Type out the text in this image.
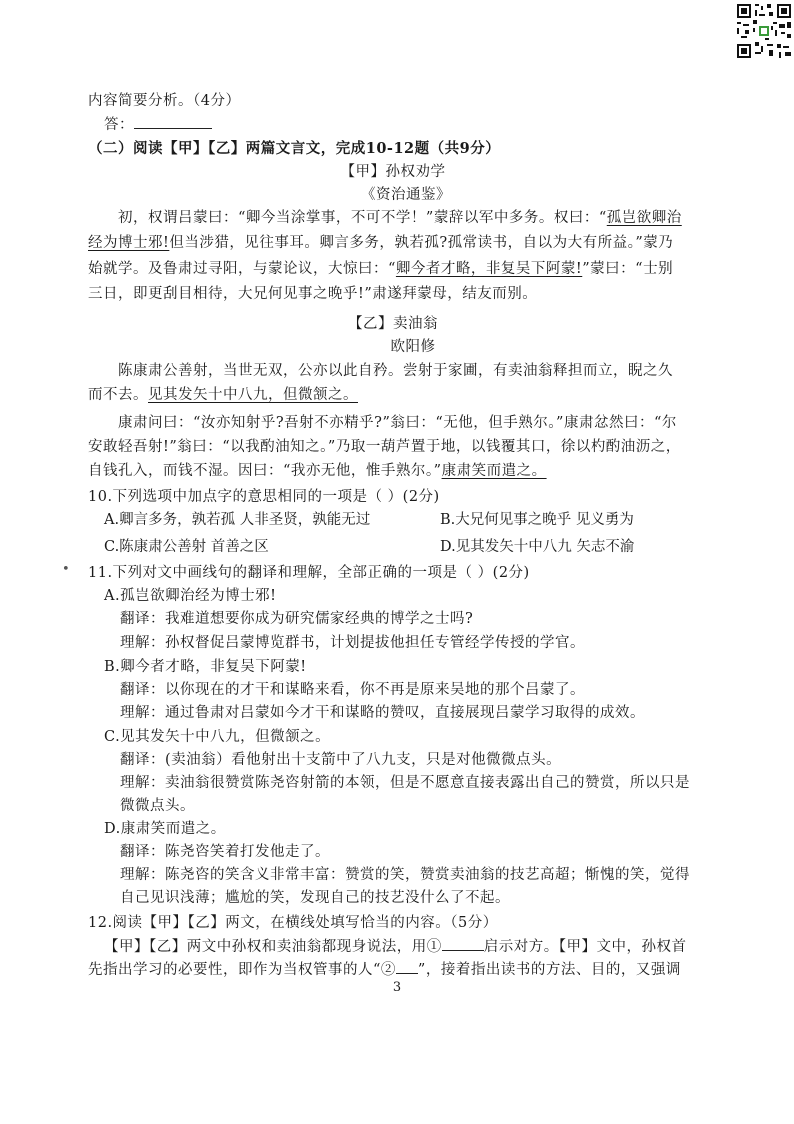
内容简要分析。（4分）
答：
（二）阅读【甲】【乙】两篇文言文，完成10-12题（共9分）
【甲】孙权劝学
《资治通鉴》
初，权谓吕蒙曰：“卿今当涂掌事，不可不学！”蒙辞以军中多务。权曰：“孤岂欲卿治
经为博士邪!但当涉猎，见往事耳。卿言多务，孰若孤?孤常读书，自以为大有所益。”蒙乃
始就学。及鲁肃过寻阳，与蒙论议，大惊曰：“卿今者才略，非复吴下阿蒙!”蒙曰：“士别
三日，即更刮目相待，大兄何见事之晚乎!”肃遂拜蒙母，结友而别。
【乙】卖油翁
欧阳修
陈康肃公善射，当世无双，公亦以此自矜。尝射于家圃，有卖油翁释担而立，睨之久
而不去。见其发矢十中八九，但微颔之。
康肃问曰：“汝亦知射乎?吾射不亦精乎?”翁曰：“无他，但手熟尔。”康肃忿然曰：“尔
安敢轻吾射!”翁曰：“以我酌油知之。”乃取一葫芦置于地，以钱覆其口，徐以杓酌油沥之，
自钱孔入，而钱不湿。因曰：“我亦无他，惟手熟尔。”康肃笑而遣之。
10.下列选项中加点字的意思相同的一项是（ ）(2分)
A.卿言多务，孰若孤 人非圣贤，孰能无过	B.大兄何见事之晚乎 见义勇为
C.陈康肃公善射 首善之区	D.见其发矢十中八九 矢志不渝
• 11.下列对文中画线句的翻译和理解，全部正确的一项是（ ）(2分)
A.孤岂欲卿治经为博士邪!
翻译：我难道想要你成为研究儒家经典的博学之士吗?
理解：孙权督促吕蒙博览群书，计划提拔他担任专管经学传授的学官。
B.卿今者才略，非复吴下阿蒙!
翻译：以你现在的才干和谋略来看，你不再是原来吴地的那个吕蒙了。
理解：通过鲁肃对吕蒙如今才干和谋略的赞叹，直接展现吕蒙学习取得的成效。
C.见其发矢十中八九，但微颔之。
翻译：(卖油翁）看他射出十支箭中了八九支，只是对他微微点头。
理解：卖油翁很赞赏陈尧咨射箭的本领，但是不愿意直接表露出自己的赞赏，所以只是
微微点头。
D.康肃笑而遣之。
翻译：陈尧咨笑着打发他走了。
理解：陈尧咨的笑含义非常丰富：赞赏的笑，赞赏卖油翁的技艺高超；惭愧的笑，觉得
自己见识浅薄；尴尬的笑，发现自己的技艺没什么了不起。
12.阅读【甲】【乙】两文，在横线处填写恰当的内容。（5分）
【甲】【乙】两文中孙权和卖油翁都现身说法，用①	启示对方。【甲】文中，孙权首
先指出学习的必要性，即作为当权管事的人“② ”，接着指出读书的方法、目的，又强调
3
